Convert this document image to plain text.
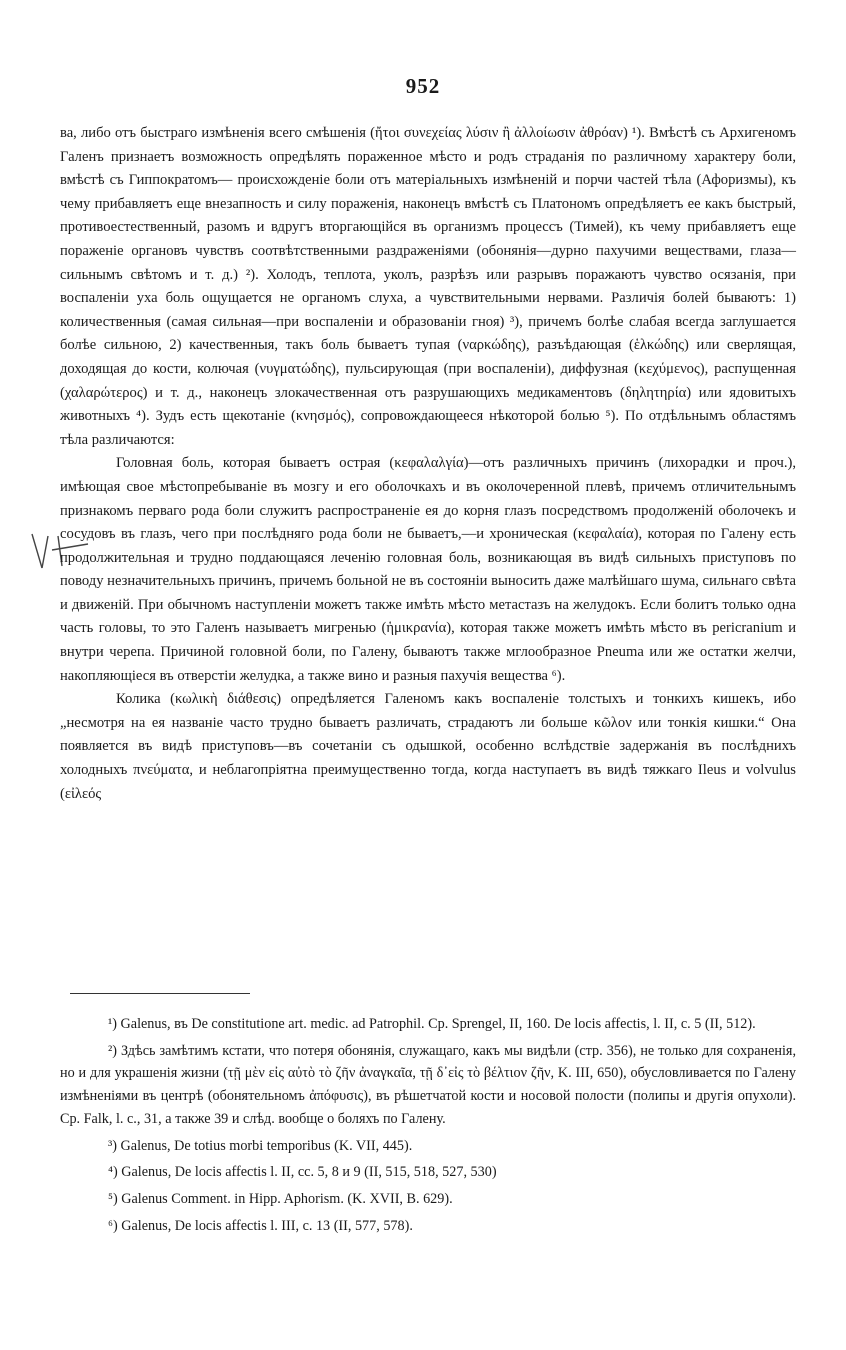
952

ва, либо отъ быстраго измѣненія всего смѣшенія (ἤτοι συνεχείας λύσιν ἢ ἀλλοίωσιν ἀθρόαν) ¹). Вмѣстѣ съ Архигеномъ Галенъ признаетъ возможность опредѣлять пораженное мѣсто и родъ страданія по различному характеру боли, вмѣстѣ съ Гиппократомъ— происхожденіе боли отъ матеріальныхъ измѣненій и порчи частей тѣла (Афоризмы), къ чему прибавляетъ еще внезапность и силу пораженія, наконецъ вмѣстѣ съ Платономъ опредѣляетъ ее какъ быстрый, противоестественный, разомъ и вдругъ вторгающійся въ организмъ процессъ (Тимей), къ чему прибавляетъ еще пораженіе органовъ чувствъ соотвѣтственными раздраженіями (обонянія—дурно пахучими веществами, глаза—сильнымъ свѣтомъ и т. д.) ²). Холодъ, теплота, уколъ, разрѣзъ или разрывъ поражаютъ чувство осязанія, при воспаленіи уха боль ощущается не органомъ слуха, а чувствительными нервами. Различія болей бываютъ: 1) количественныя (самая сильная—при воспаленіи и образованіи гноя) ³), причемъ болѣе слабая всегда заглушается болѣе сильною, 2) качественныя, такъ боль бываетъ тупая (ναρκώδης), разъѣдающая (ἑλκώδης) или сверлящая, доходящая до кости, колючая (νυγματώδης), пульсирующая (при воспаленіи), диффузная (κεχύμενος), распущенная (χαλαρώτερος) и т. д., наконецъ злокачественная отъ разрушающихъ медикаментовъ (δηλητηρία) или ядовитыхъ животныхъ ⁴). Зудъ есть щекотаніе (κνησμός), сопровождающееся нѣкоторой болью ⁵). По отдѣльнымъ областямъ тѣла различаются:

Головная боль, которая бываетъ острая (κεφαλαλγία)—отъ различныхъ причинъ (лихорадки и проч.), имѣющая свое мѣстопребываніе въ мозгу и его оболочкахъ и въ околочеренной плевѣ, причемъ отличительнымъ признакомъ перваго рода боли служитъ распространеніе ея до корня глазъ посредствомъ продолженій оболочекъ и сосудовъ въ глазъ, чего при послѣдняго рода боли не бываетъ,—и хроническая (κεφαλαία), которая по Галену есть продолжительная и трудно поддающаяся леченію головная боль, возникающая въ видѣ сильныхъ приступовъ по поводу незначительныхъ причинъ, причемъ больной не въ состояніи выносить даже малѣйшаго шума, сильнаго свѣта и движеній. При обычномъ наступленіи можетъ также имѣть мѣсто метастазъ на желудокъ. Если болитъ только одна часть головы, то это Галенъ называетъ мигренью (ἡμικρανία), которая также можетъ имѣть мѣсто въ pericranium и внутри черепа. Причиной головной боли, по Галену, бываютъ также мглообразное Pneuma или же остатки желчи, накопляющіеся въ отверстіи желудка, а также вино и разныя пахучія вещества ⁶).

Колика (κωλικὴ διάθεσις) опредѣляется Галеномъ какъ воспаленіе толстыхъ и тонкихъ кишекъ, ибо „несмотря на ея названіе часто трудно бываетъ различать, страдаютъ ли больше κῶλον или тонкія кишки.“ Она появляется въ видѣ приступовъ—въ сочетаніи съ одышкой, особенно вслѣдствіе задержанія въ послѣднихъ холодныхъ πνεύματα, и неблагопріятна преимущественно тогда, когда наступаетъ въ видѣ тяжкаго Ileus и volvulus (εἰλεός

¹) Galenus, въ De constitutione art. medic. ad Patrophil. Cp. Sprengel, II, 160. De locis affectis, l. II, c. 5 (II, 512).

²) Здѣсь замѣтимъ кстати, что потеря обонянія, служащаго, какъ мы видѣли (стр. 356), не только для сохраненія, но и для украшенія жизни (τῇ μὲν εἰς αὐτὸ τὸ ζῆν ἀναγκαῖα, τῇ δ᾽εἰς τὸ βέλτιον ζῆν, K. III, 650), обусловливается по Галену измѣненіями въ центрѣ (обонятельномъ ἀπόφυσις), въ рѣшетчатой кости и носовой полости (полипы и другія опухоли). Cp. Falk, l. c., 31, а также 39 и слѣд. вообще о боляхъ по Галену.

³) Galenus, De totius morbi temporibus (K. VII, 445).

⁴) Galenus, De locis affectis l. II, cc. 5, 8 и 9 (II, 515, 518, 527, 530)

⁵) Galenus Comment. in Hipp. Aphorism. (K. XVII, B. 629).

⁶) Galenus, De locis affectis l. III, c. 13 (II, 577, 578).
